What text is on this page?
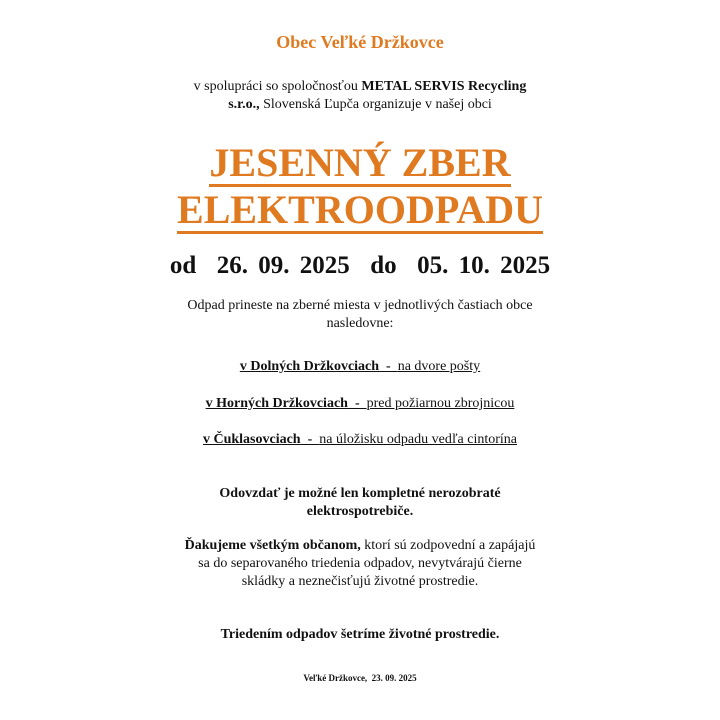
Obec Veľké Držkovce

v spolupráci so spoločnosťou METAL SERVIS Recycling
s.r.o., Slovenská Ľupča organizuje v našej obci

JESENNÝ ZBER
ELEKTROODPADU

od  26. 09. 2025  do  05. 10. 2025

Odpad prineste na zberné miesta v jednotlivých častiach obce
nasledovne:

v Dolných Držkovciach  -  na dvore pošty

v Horných Držkovciach  -  pred požiarnou zbrojnicou

v Čuklasovciach  -  na úložisku odpadu vedľa cintorína

Odovzdať je možné len kompletné nerozobraté
elektrospotrebiče.

Ďakujeme všetkým občanom, ktorí sú zodpovední a zapájajú
sa do separovaného triedenia odpadov, nevytvárajú čierne
skládky a neznečisťujú životné prostredie.

Triedením odpadov šetríme životné prostredie.

Veľké Držkovce,  23. 09. 2025
